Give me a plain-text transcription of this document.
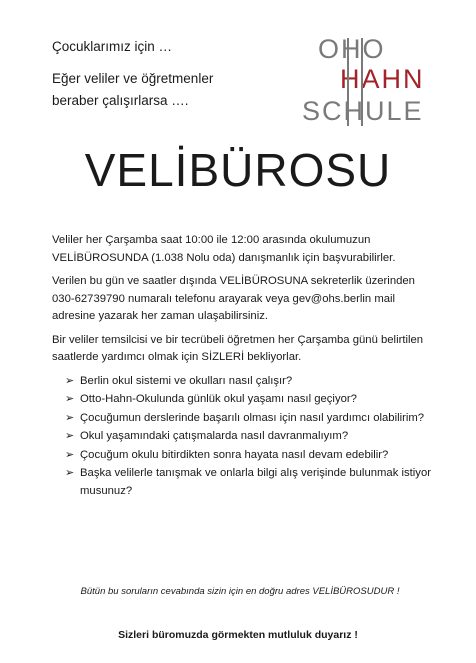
Çocuklarımız için …

Eğer veliler ve öğretmenler

beraber çalışırlarsa ….

OHO
HAHN
SCHULE
VELİBÜROSU

Veliler her Çarşamba saat 10:00 ile 12:00 arasında okulumuzun VELİBÜROSUNDA (1.038 Nolu oda) danışmanlık için başvurabilirler.

Verilen bu gün ve saatler dışında VELİBÜROSUNA sekreterlik üzerinden 030-62739790 numaralı telefonu arayarak veya gev@ohs.berlin mail adresine yazarak her zaman ulaşabilirsiniz.

Bir veliler temsilcisi ve bir tecrübeli öğretmen her Çarşamba günü belirtilen saatlerde yardımcı olmak için SİZLERİ bekliyorlar.

➢ Berlin okul sistemi ve okulları nasıl çalışır?
➢ Otto-Hahn-Okulunda günlük okul yaşamı nasıl geçiyor?
➢ Çocuğumun derslerinde başarılı olması için nasıl yardımcı olabilirim?
➢ Okul yaşamındaki çatışmalarda nasıl davranmalıyım?
➢ Çocuğum okulu bitirdikten sonra hayata nasıl devam edebilir?
➢ Başka velilerle tanışmak ve onlarla bilgi alış verişinde bulunmak istiyor musunuz?
Bütün bu soruların cevabında sizin için en doğru adres VELİBÜROSUDUR !
Sizleri büromuzda görmekten mutluluk duyarız !
